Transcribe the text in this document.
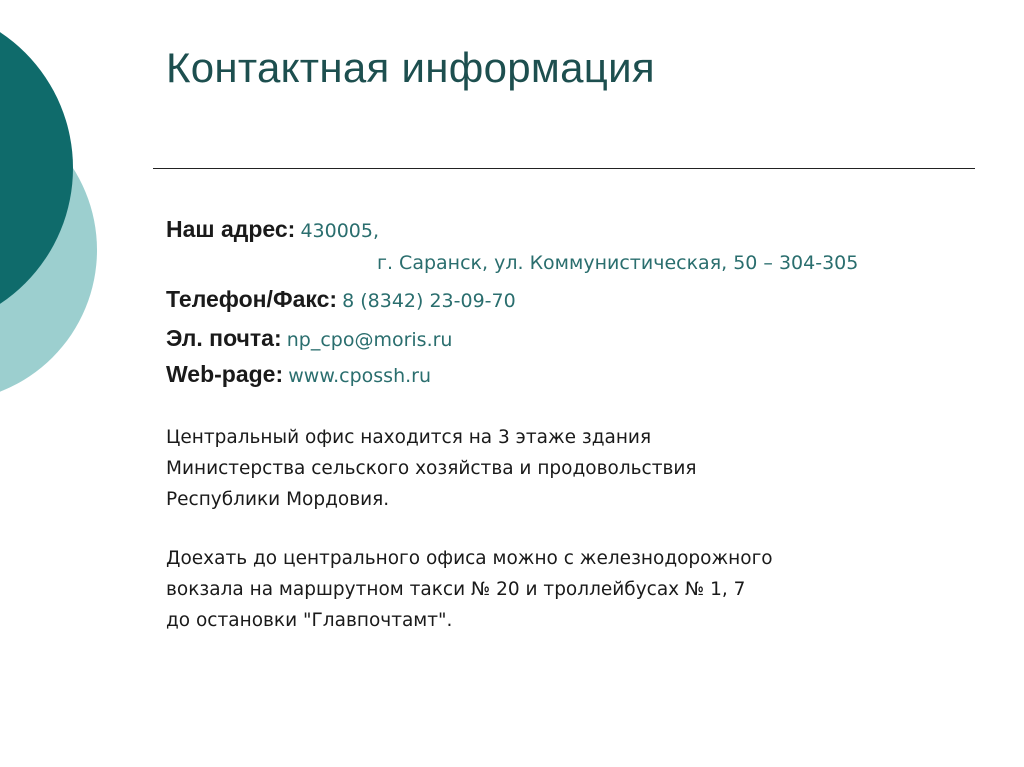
Контактная информация
Наш адрес: 430005,
г. Саранск, ул. Коммунистическая, 50 – 304-305
Телефон/Факс: 8 (8342) 23-09-70
Эл. почта: np_cpo@moris.ru
Web-page: www.cpossh.ru

Центральный офис находится на 3 этаже здания
Министерства сельского хозяйства и продовольствия
Республики Мордовия.

Доехать до центрального офиса можно с железнодорожного
вокзала на маршрутном такси № 20 и троллейбусах № 1, 7
до остановки "Главпочтамт".
